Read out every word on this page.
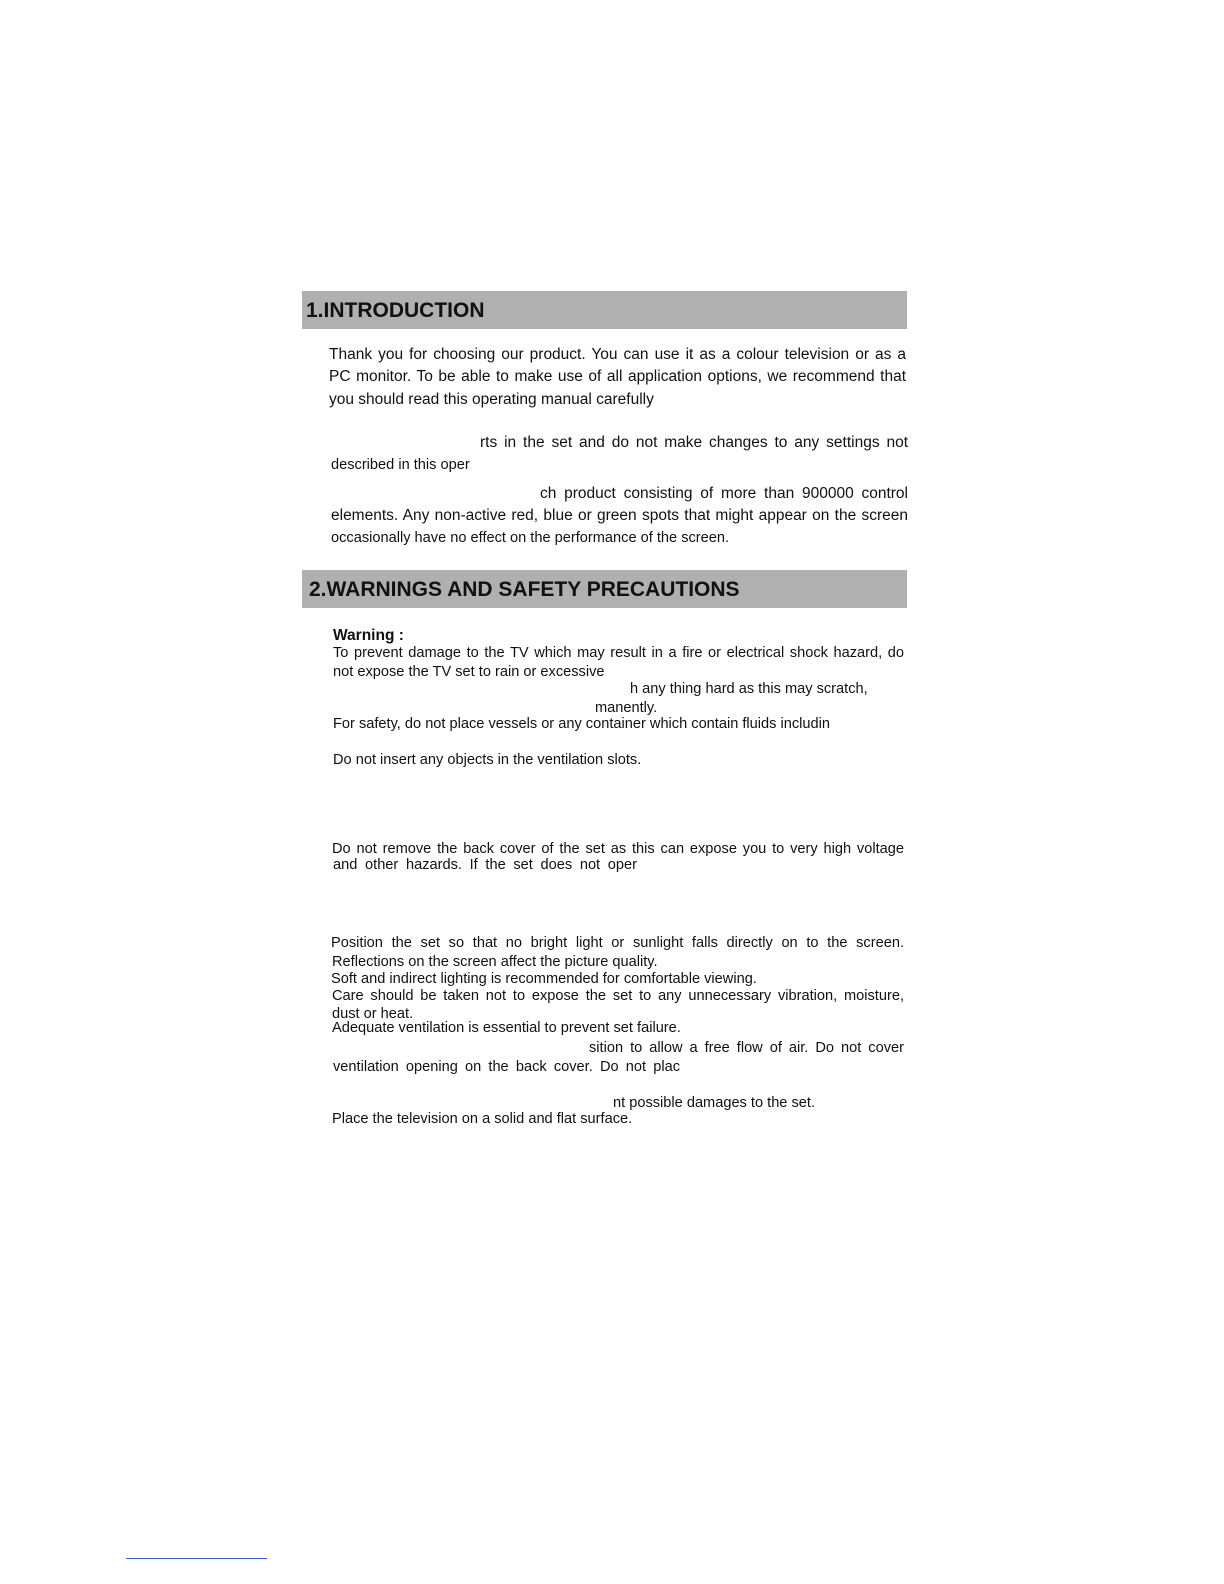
1.INTRODUCTION
Thank you for choosing our product. You can use it as a colour television or as a
PC monitor. To be able to make use of all application options, we recommend that
you should read this operating manual carefully
rts in the set and do not make changes to any settings not
described in this oper
ch product consisting of more than 900000 control
elements. Any non-active red, blue or green spots that might appear on the screen
occasionally have no effect on the performance of the screen.
2.WARNINGS AND SAFETY PRECAUTIONS
Warning :
To prevent damage to the TV which may result in a fire or electrical shock hazard, do
not expose the TV set to rain or excessive
h any thing hard as this may scratch,
manently.
For safety, do not place vessels or any container which contain fluids includin
Do not insert any objects in the ventilation slots.
Do not remove the back cover of the set as this can expose you to very high voltage
and other hazards. If the set does not oper
Position the set so that no bright light or sunlight falls directly on to the screen.
Reflections on the screen affect the picture quality.
Soft and indirect lighting is recommended for comfortable viewing.
Care should be taken not to expose the set to any unnecessary vibration, moisture,
dust or heat.
Adequate ventilation is essential to prevent set failure.
sition to allow a free flow of air. Do not cover
ventilation opening on the back cover. Do not plac
nt possible damages to the set.
Place the television on a solid and flat surface.
